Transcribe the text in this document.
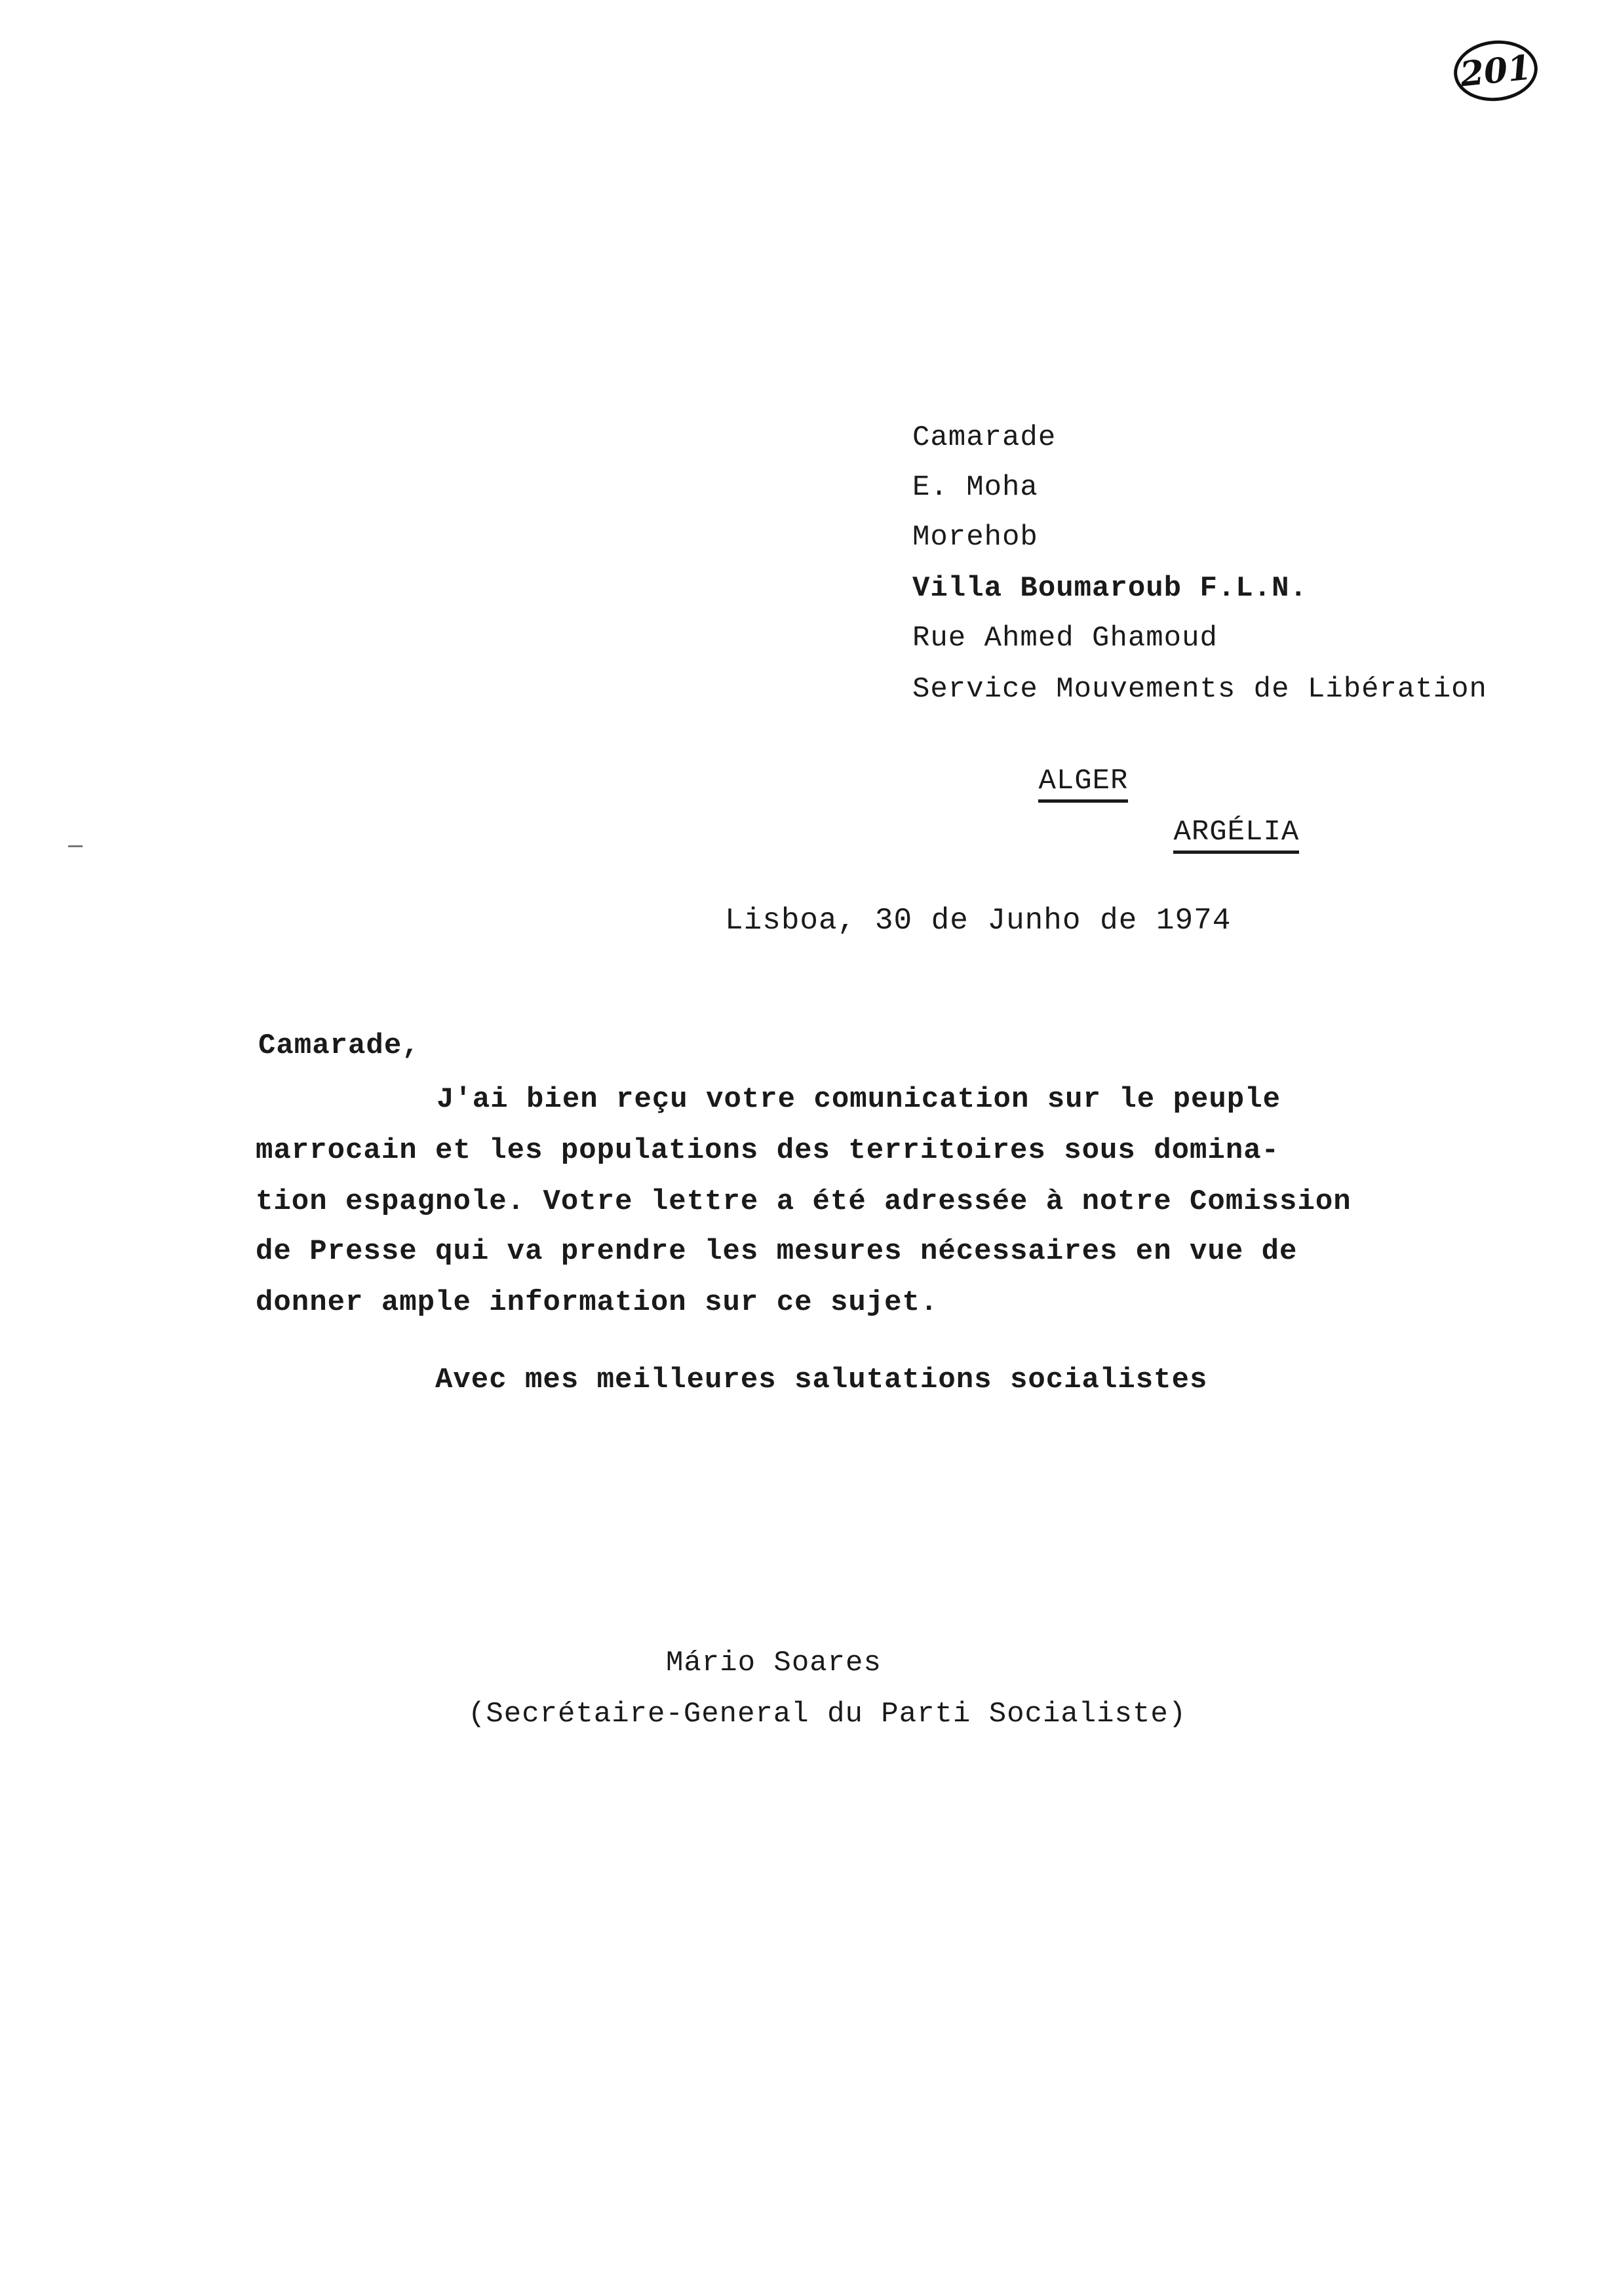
201
Camarade
E. Moha
Morehob
Villa Boumaroub F.L.N.
Rue Ahmed Ghamoud
Service Mouvements de Libération

ALGER

ARGÉLIA

Lisboa, 30 de Junho de 1974
Camarade,
J'ai bien reçu votre comunication sur le peuple
marrocain et les populations des territoires sous domina-
tion espagnole. Votre lettre a été adressée à notre Comission
de Presse qui va prendre les mesures nécessaires en vue de
donner ample information sur ce sujet.
Avec mes meilleures salutations socialistes
Mário Soares
(Secrétaire-General du Parti Socialiste)
